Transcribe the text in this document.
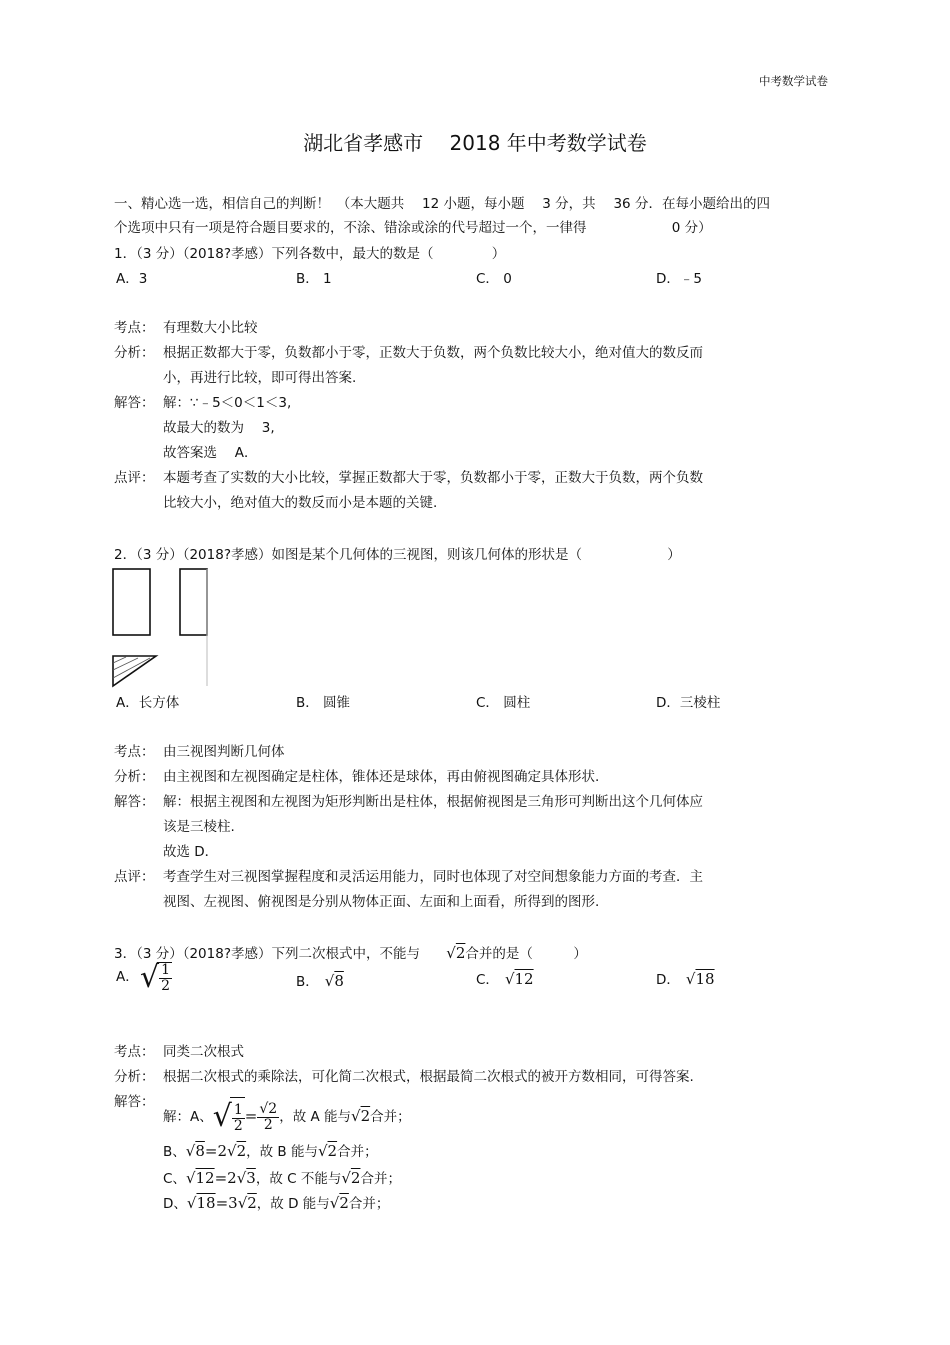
中考数学试卷
湖北省孝感市　 2018 年中考数学试卷
一、精心选一选，相信自己的判断！　（本大题共　 12 小题，每小题　 3 分，共　 36 分．在每小题给出的四
个选项中只有一项是符合题目要求的，不涂、错涂或涂的代号超过一个，一律得　　　　　　 0 分）
1．（3 分）（2018?孝感）下列各数中，最大的数是（　　　　 ）
A．3	B． 1	C． 0	D．﹣5
考点： 有理数大小比较
分析： 根据正数都大于零，负数都小于零，正数大于负数，两个负数比较大小，绝对值大的数反而
小，再进行比较，即可得出答案.
解答： 解：∵﹣5＜0＜1＜3,
故最大的数为　 3,
故答案选　 A．
点评： 本题考查了实数的大小比较，掌握正数都大于零，负数都小于零，正数大于负数，两个负数
比较大小，绝对值大的数反而小是本题的关键.
2．（3 分）（2018?孝感）如图是某个几何体的三视图，则该几何体的形状是（　　　　　　 ）
A．长方体	B． 圆锥	C． 圆柱	D．三棱柱
考点： 由三视图判断几何体
分析： 由主视图和左视图确定是柱体，锥体还是球体，再由俯视图确定具体形状.
解答： 解：根据主视图和左视图为矩形判断出是柱体，根据俯视图是三角形可判断出这个几何体应
该是三棱柱.
故选 D．
点评： 考查学生对三视图掌握程度和灵活运用能力，同时也体现了对空间想象能力方面的考查．主
视图、左视图、俯视图是分别从物体正面、左面和上面看，所得到的图形.
3．（3 分）（2018?孝感）下列二次根式中，不能与 √2合并的是（　　　）
A． √ $\frac{1}{2}$	B． √8	C． √12	D． √18
考点： 同类二次根式
分析： 根据二次根式的乘除法，可化简二次根式，根据最简二次根式的被开方数相同，可得答案.
解答：
解：A、 √ $\frac{1}{2} = \frac{√2}{2}$ ，故 A 能与√2合并；
B、√8=2√2，故 B 能与√2合并；
C、√12=2√3，故 C 不能与√2合并；
D、√18=3√2，故 D 能与√2合并；
